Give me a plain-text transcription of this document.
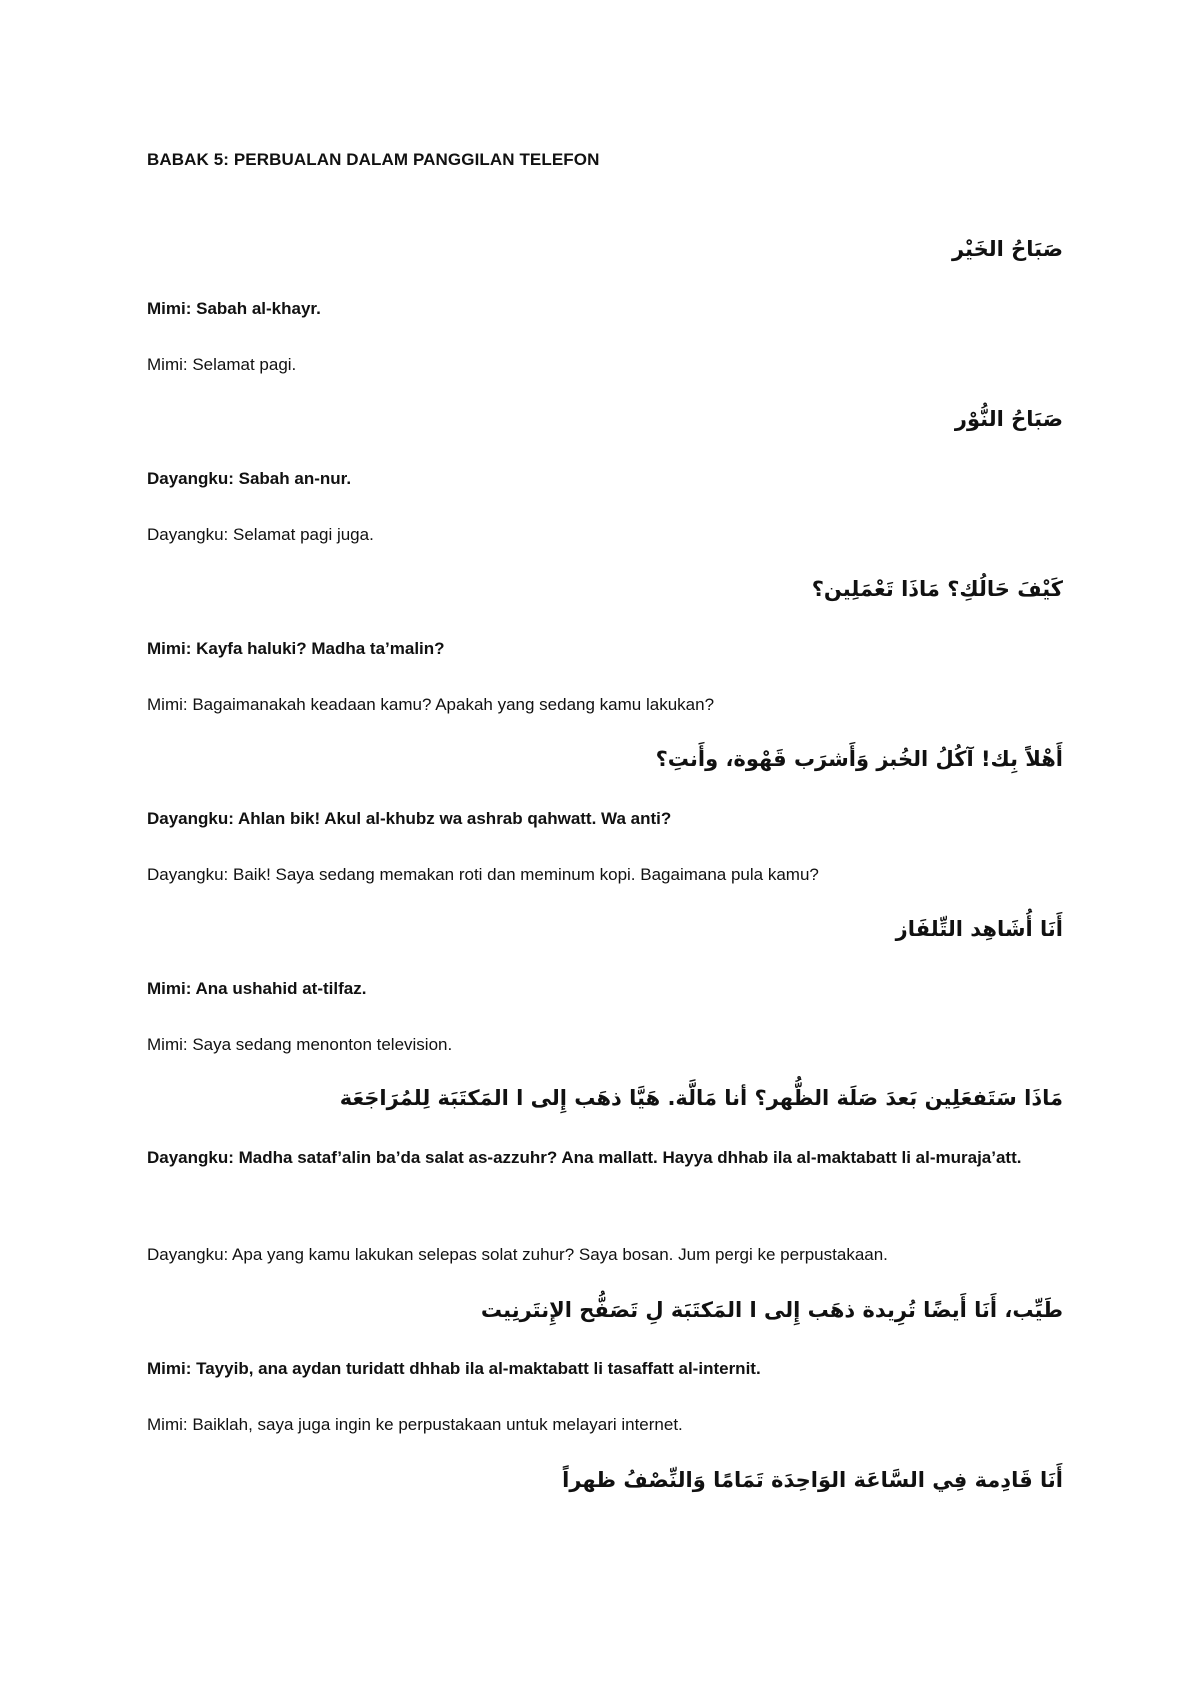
BABAK 5: PERBUALAN DALAM PANGGILAN TELEFON
صَبَاحُ الخَيْر
Mimi: Sabah al-khayr.
Mimi: Selamat pagi.
صَبَاحُ النُّوْر
Dayangku: Sabah an-nur.
Dayangku: Selamat pagi juga.
كَيْفَ حَالُكِ؟ مَاذَا تَعْمَلِين؟
Mimi: Kayfa haluki? Madha ta’malin?
Mimi: Bagaimanakah keadaan kamu? Apakah yang sedang kamu lakukan?
أَهْلاً بِك! آكُلُ الخُبز وَأَشرَب قَهْوة، وأَنتِ؟
Dayangku: Ahlan bik! Akul al-khubz wa ashrab qahwatt. Wa anti?
Dayangku: Baik! Saya sedang memakan roti dan meminum kopi. Bagaimana pula kamu?
أَنَا أُشَاهِد التِّلفَاز
Mimi: Ana ushahid at-tilfaz.
Mimi: Saya sedang menonton television.
مَاذَا سَتَفعَلِين بَعدَ صَلَة الظُّهر؟ أنا مَالَّة. هَيَّا ذهَب إِلى ا المَكتَبَة لِلمُرَاجَعَة
Dayangku: Madha sataf’alin ba’da salat as-azzuhr? Ana mallatt. Hayya dhhab ila al-maktabatt li al-muraja’att.
Dayangku: Apa yang kamu lakukan selepas solat zuhur? Saya bosan. Jum pergi ke perpustakaan.
طَيِّب، أَنَا أَيضًا تُرِيدة ذهَب إِلى ا المَكتَبَة لِ تَصَفُّح الإِنتَرنِيت
Mimi: Tayyib, ana aydan turidatt dhhab ila al-maktabatt li tasaffatt al-internit.
Mimi: Baiklah, saya juga ingin ke perpustakaan untuk melayari internet.
أَنَا قَادِمة فِي السَّاعَة الوَاحِدَة تَمَامًا وَالنِّصْفُ ظهراً
